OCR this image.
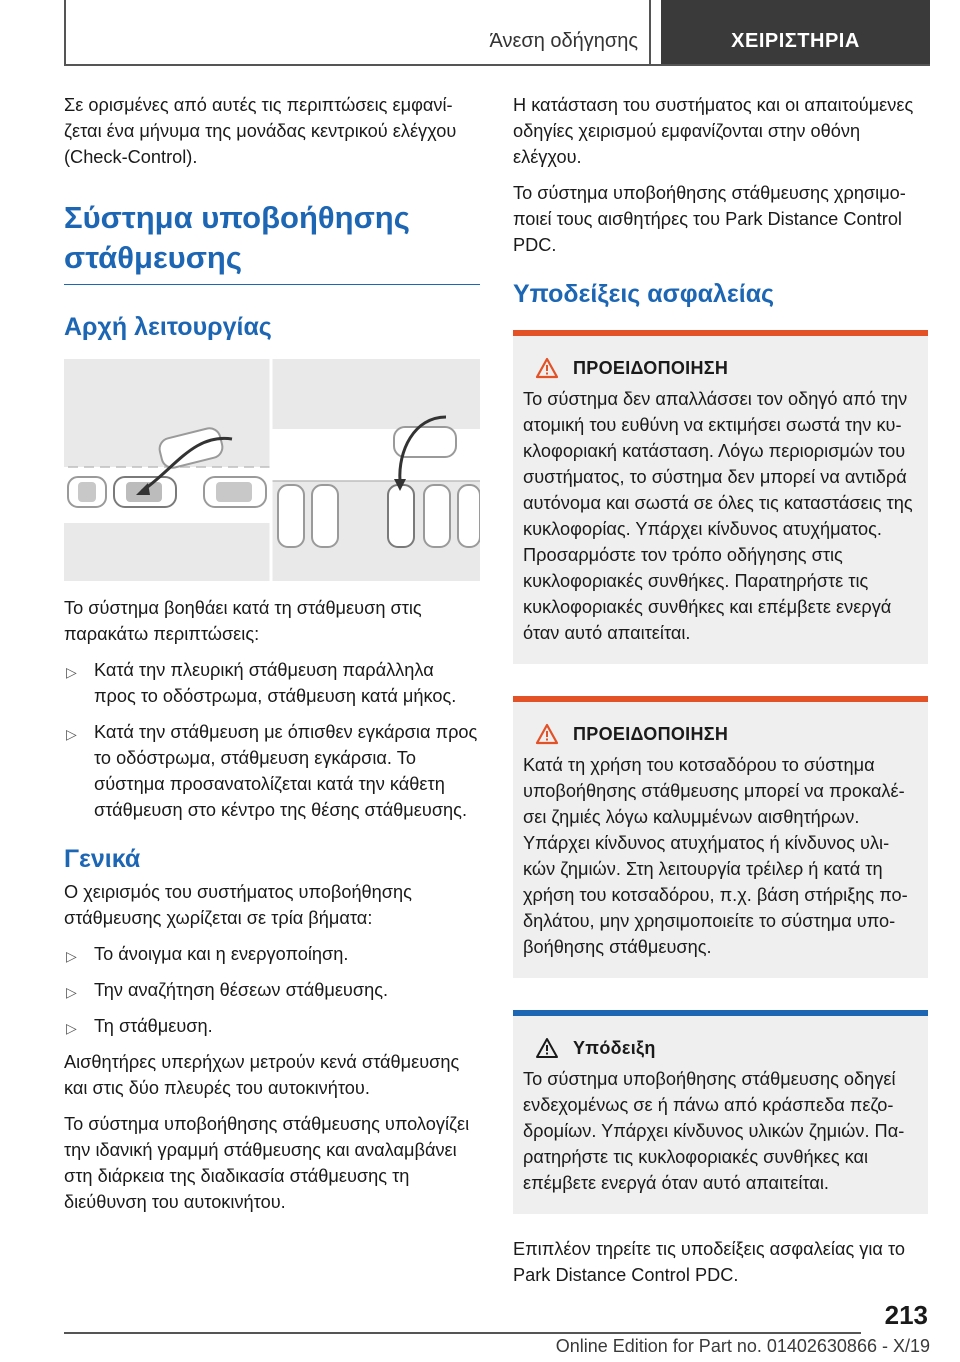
Άνεση οδήγησης	ΧΕΙΡΙΣΤΗΡΙΑ

Σε ορισμένες από αυτές τις περιπτώσεις εμφανίζεται ένα μήνυμα της μονάδας κεντρικού ελέγχου (Check-Control).

Σύστημα υποβοήθησης στάθμευσης
Αρχή λειτουργίας

Το σύστημα βοηθάει κατά τη στάθμευση στις παρακάτω περιπτώσεις:

▷ Κατά την πλευρική στάθμευση παράλληλα προς το οδόστρωμα, στάθμευση κατά μήκος.
▷ Κατά την στάθμευση με όπισθεν εγκάρσια προς το οδόστρωμα, στάθμευση εγκάρσια. Το σύστημα προσανατολίζεται κατά την κάθετη στάθμευση στο κέντρο της θέσης στάθμευσης.
Γενικά

Ο χειρισμός του συστήματος υποβοήθησης στάθμευσης χωρίζεται σε τρία βήματα:

▷ Το άνοιγμα και η ενεργοποίηση.
▷ Την αναζήτηση θέσεων στάθμευσης.
▷ Τη στάθμευση.

Αισθητήρες υπερήχων μετρούν κενά στάθμευσης και στις δύο πλευρές του αυτοκινήτου.

Το σύστημα υποβοήθησης στάθμευσης υπολογίζει την ιδανική γραμμή στάθμευσης και αναλαμβάνει στη διάρκεια της διαδικασία στάθμευσης τη διεύθυνση του αυτοκινήτου.

Η κατάσταση του συστήματος και οι απαιτούμενες οδηγίες χειρισμού εμφανίζονται στην οθόνη ελέγχου.

Το σύστημα υποβοήθησης στάθμευσης χρησιμοποιεί τους αισθητήρες του Park Distance Control PDC.

Υποδείξεις ασφαλείας
ΠΡΟΕΙΔΟΠΟΙΗΣΗ

Το σύστημα δεν απαλλάσσει τον οδηγό από την ατομική του ευθύνη να εκτιμήσει σωστά την κυκλοφοριακή κατάσταση. Λόγω περιορισμών του συστήματος, το σύστημα δεν μπορεί να αντιδρά αυτόνομα και σωστά σε όλες τις καταστάσεις της κυκλοφορίας. Υπάρχει κίνδυνος ατυχήματος. Προσαρμόστε τον τρόπο οδήγησης στις κυκλοφοριακές συνθήκες. Παρατηρήστε τις κυκλοφοριακές συνθήκες και επέμβετε ενεργά όταν αυτό απαιτείται.

ΠΡΟΕΙΔΟΠΟΙΗΣΗ

Κατά τη χρήση του κοτσαδόρου το σύστημα υποβοήθησης στάθμευσης μπορεί να προκαλέσει ζημιές λόγω καλυμμένων αισθητήρων. Υπάρχει κίνδυνος ατυχήματος ή κίνδυνος υλικών ζημιών. Στη λειτουργία τρέιλερ ή κατά τη χρήση του κοτσαδόρου, π.χ. βάση στήριξης ποδηλάτου, μην χρησιμοποιείτε το σύστημα υποβοήθησης στάθμευσης.

Υπόδειξη

Το σύστημα υποβοήθησης στάθμευσης οδηγεί ενδεχομένως σε ή πάνω από κράσπεδα πεζοδρομίων. Υπάρχει κίνδυνος υλικών ζημιών. Παρατηρήστε τις κυκλοφοριακές συνθήκες και επέμβετε ενεργά όταν αυτό απαιτείται.

Επιπλέον τηρείτε τις υποδείξεις ασφαλείας για το Park Distance Control PDC.

213
Online Edition for Part no. 01402630866 - X/19
